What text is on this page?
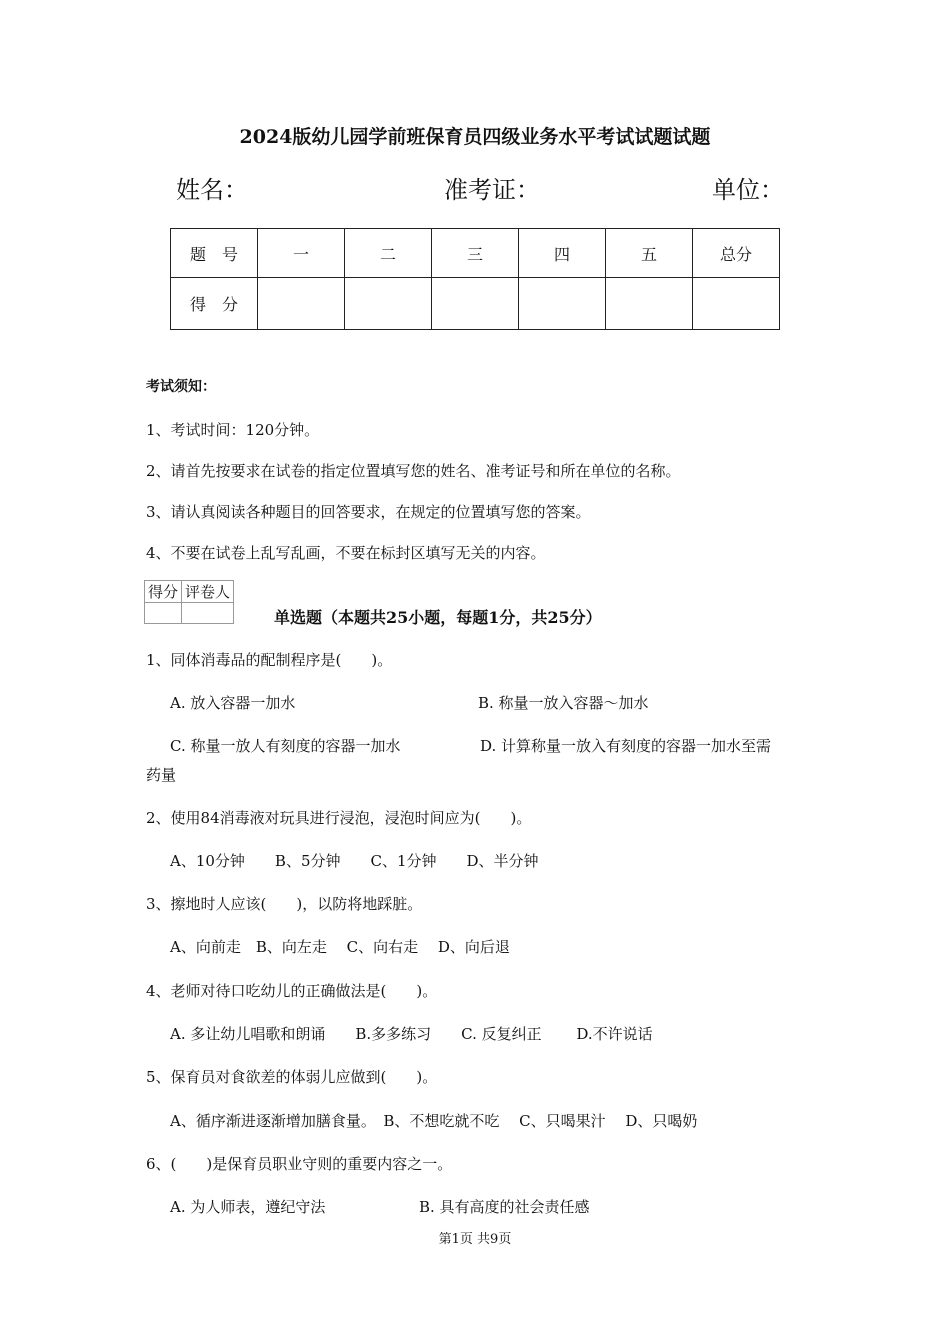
2024版幼儿园学前班保育员四级业务水平考试试题试题
姓名：	准考证：	单位：
题　号	一	二	三	四	五	总分
得　分						
考试须知：
1、考试时间：120分钟。
2、请首先按要求在试卷的指定位置填写您的姓名、准考证号和所在单位的名称。
3、请认真阅读各种题目的回答要求，在规定的位置填写您的答案。
4、不要在试卷上乱写乱画，不要在标封区填写无关的内容。
得分	评卷人

单选题（本题共25小题，每题1分，共25分）
1、同体消毒品的配制程序是(　　)。
A. 放入容器一加水	B. 称量一放入容器～加水
C. 称量一放人有刻度的容器一加水	D. 计算称量一放入有刻度的容器一加水至需
药量
2、使用84消毒液对玩具进行浸泡，浸泡时间应为(　　)。
A、10分钟　　B、5分钟　　C、1分钟　　D、半分钟
3、擦地时人应该(　　)，以防将地踩脏。
A、向前走　B、向左走　 C、向右走　 D、向后退
4、老师对待口吃幼儿的正确做法是(　　)。
A. 多让幼儿唱歌和朗诵　　B.多多练习　　C. 反复纠正　　 D.不许说话
5、保育员对食欲差的体弱儿应做到(　　)。
A、循序渐进逐渐增加膳食量。　B、不想吃就不吃　 C、只喝果汁　 D、只喝奶
6、(　　)是保育员职业守则的重要内容之一。
A. 为人师表，遵纪守法	B. 具有高度的社会责任感
第1页 共9页
